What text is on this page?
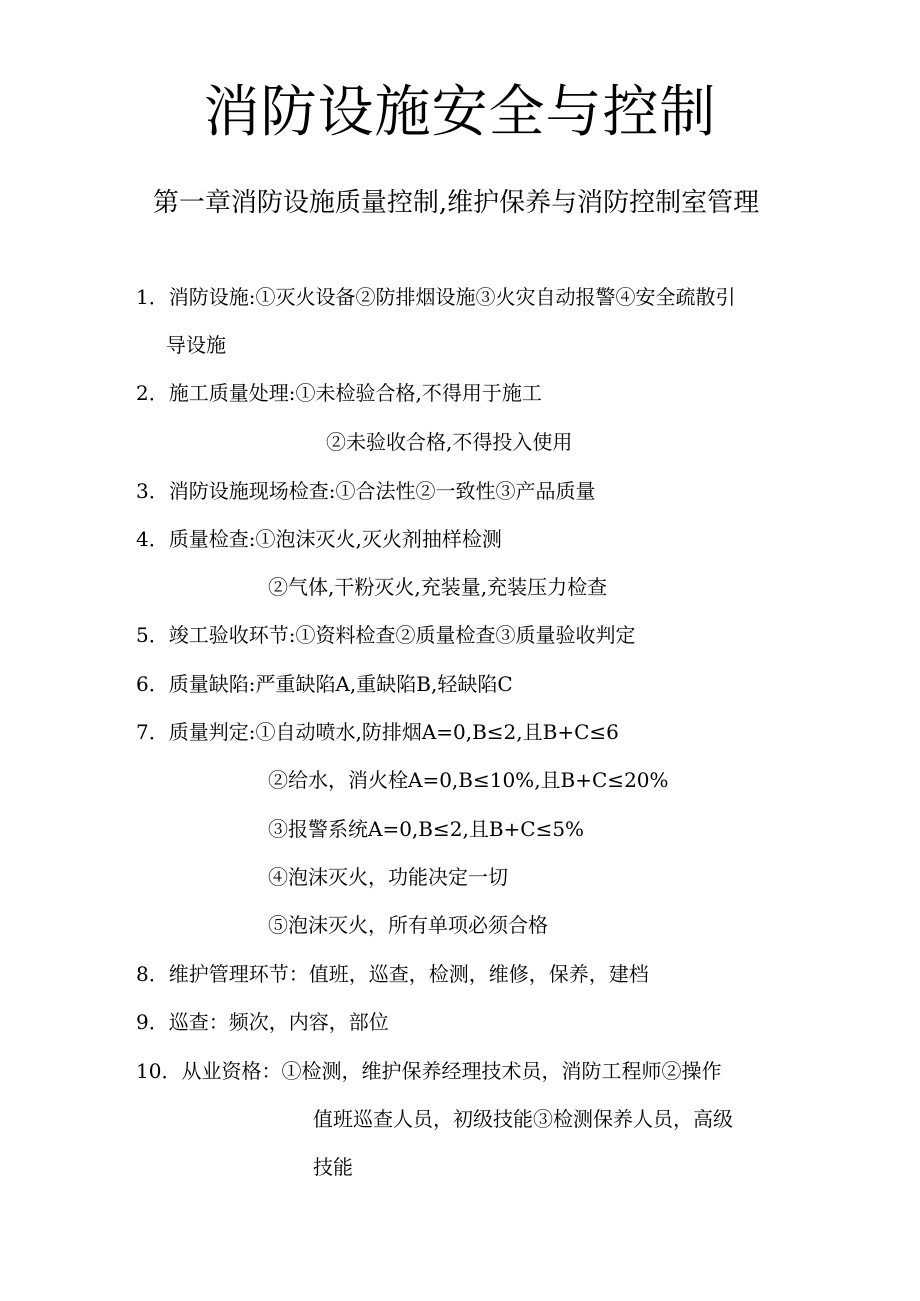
消防设施安全与控制
第一章消防设施质量控制,维护保养与消防控制室管理
1．消防设施:①灭火设备②防排烟设施③火灾自动报警④安全疏散引
导设施
2．施工质量处理:①未检验合格,不得用于施工
②未验收合格,不得投入使用
3．消防设施现场检查:①合法性②一致性③产品质量
4．质量检查:①泡沫灭火,灭火剂抽样检测
②气体,干粉灭火,充装量,充装压力检查
5．竣工验收环节:①资料检查②质量检查③质量验收判定
6．质量缺陷:严重缺陷A,重缺陷B,轻缺陷C
7．质量判定:①自动喷水,防排烟A=0,B≤2,且B+C≤6
②给水，消火栓A=0,B≤10%,且B+C≤20%
③报警系统A=0,B≤2,且B+C≤5%
④泡沫灭火，功能决定一切
⑤泡沫灭火，所有单项必须合格
8．维护管理环节：值班，巡查，检测，维修，保养，建档
9．巡查：频次，内容，部位
10．从业资格：①检测，维护保养经理技术员，消防工程师②操作
值班巡查人员，初级技能③检测保养人员，高级
技能
